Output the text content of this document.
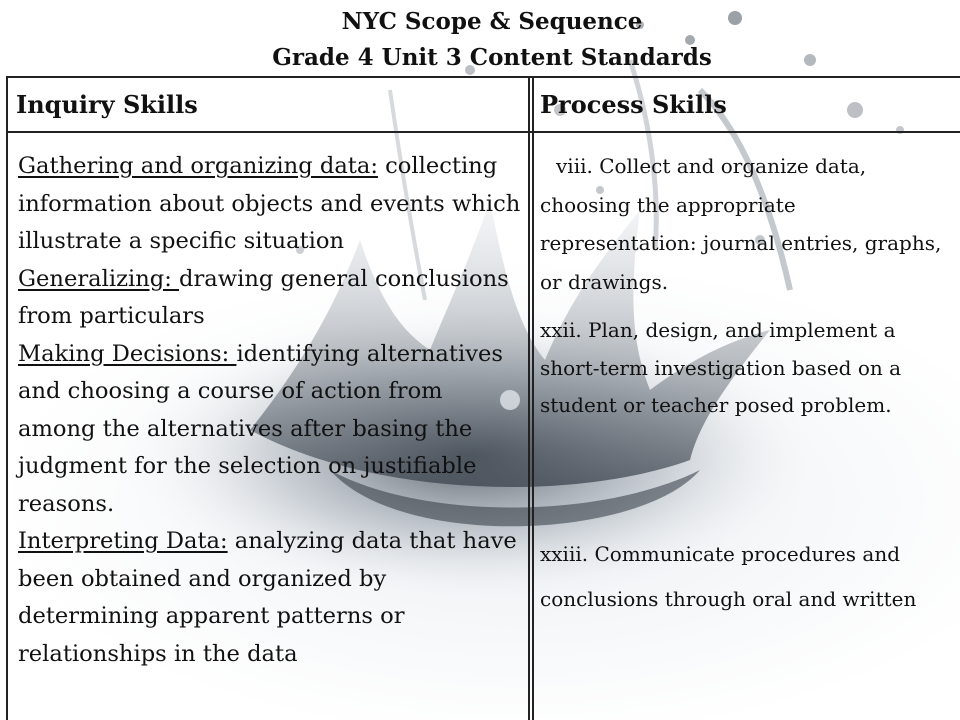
NYC Scope & Sequence
Grade 4 Unit 3 Content Standards
Inquiry Skills	Process Skills

Gathering and organizing data: collecting information about objects and events which illustrate a specific situation

Generalizing: drawing general conclusions from particulars

Making Decisions: identifying alternatives and choosing a course of action from among the alternatives after basing the judgment for the selection on justifiable reasons.

Interpreting Data: analyzing data that have been obtained and organized by determining apparent patterns or relationships in the data

viii. Collect and organize data, choosing the appropriate representation: journal entries, graphs, or drawings.
xxii. Plan, design, and implement a short-term investigation based on a student or teacher posed problem.
xxiii. Communicate procedures and conclusions through oral and written
